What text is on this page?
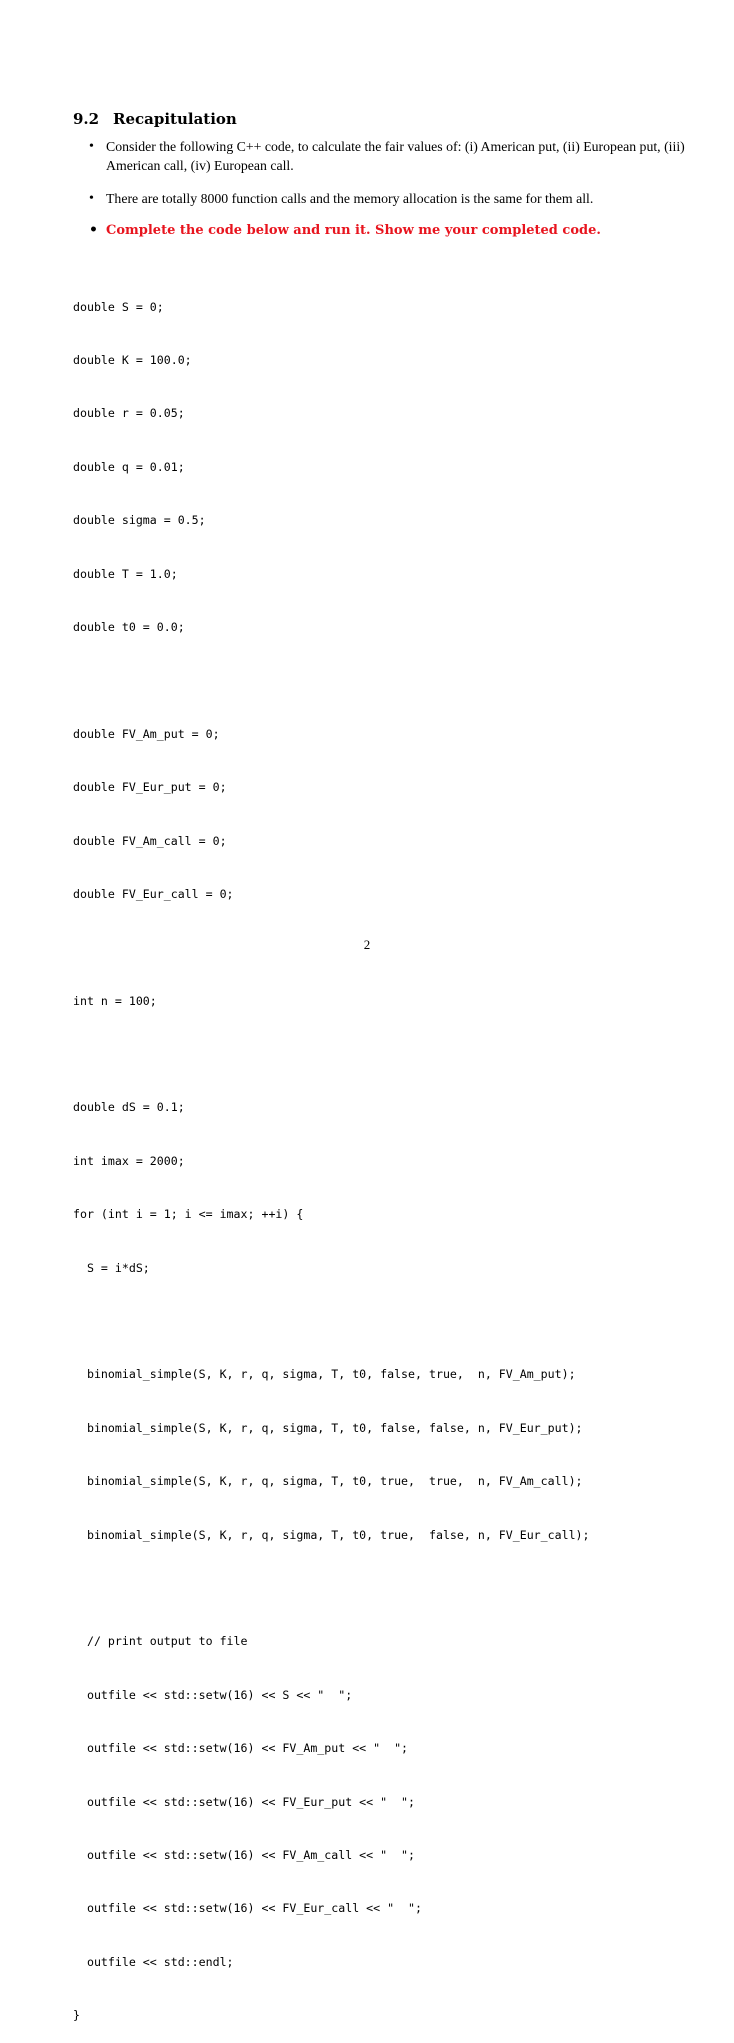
9.2 Recapitulation
• Consider the following C++ code, to calculate the fair values of: (i) American put, (ii) European put, (iii) American call, (iv) European call.
• There are totally 8000 function calls and the memory allocation is the same for them all.
• Complete the code below and run it. Show me your completed code.

double S = 0;

double K = 100.0;

double r = 0.05;

double q = 0.01;

double sigma = 0.5;

double T = 1.0;

double t0 = 0.0;

double FV_Am_put = 0;

double FV_Eur_put = 0;

double FV_Am_call = 0;

double FV_Eur_call = 0;

int n = 100;

double dS = 0.1;

int imax = 2000;

for (int i = 1; i <= imax; ++i) {

S = i*dS;

binomial_simple(S, K, r, q, sigma, T, t0, false, true,  n, FV_Am_put);

binomial_simple(S, K, r, q, sigma, T, t0, false, false, n, FV_Eur_put);

binomial_simple(S, K, r, q, sigma, T, t0, true,  true,  n, FV_Am_call);

binomial_simple(S, K, r, q, sigma, T, t0, true,  false, n, FV_Eur_call);

// print output to file

outfile << std::setw(16) << S << "  ";

outfile << std::setw(16) << FV_Am_put << "  ";

outfile << std::setw(16) << FV_Eur_put << "  ";

outfile << std::setw(16) << FV_Am_call << "  ";

outfile << std::setw(16) << FV_Eur_call << "  ";

outfile << std::endl;

}

2
